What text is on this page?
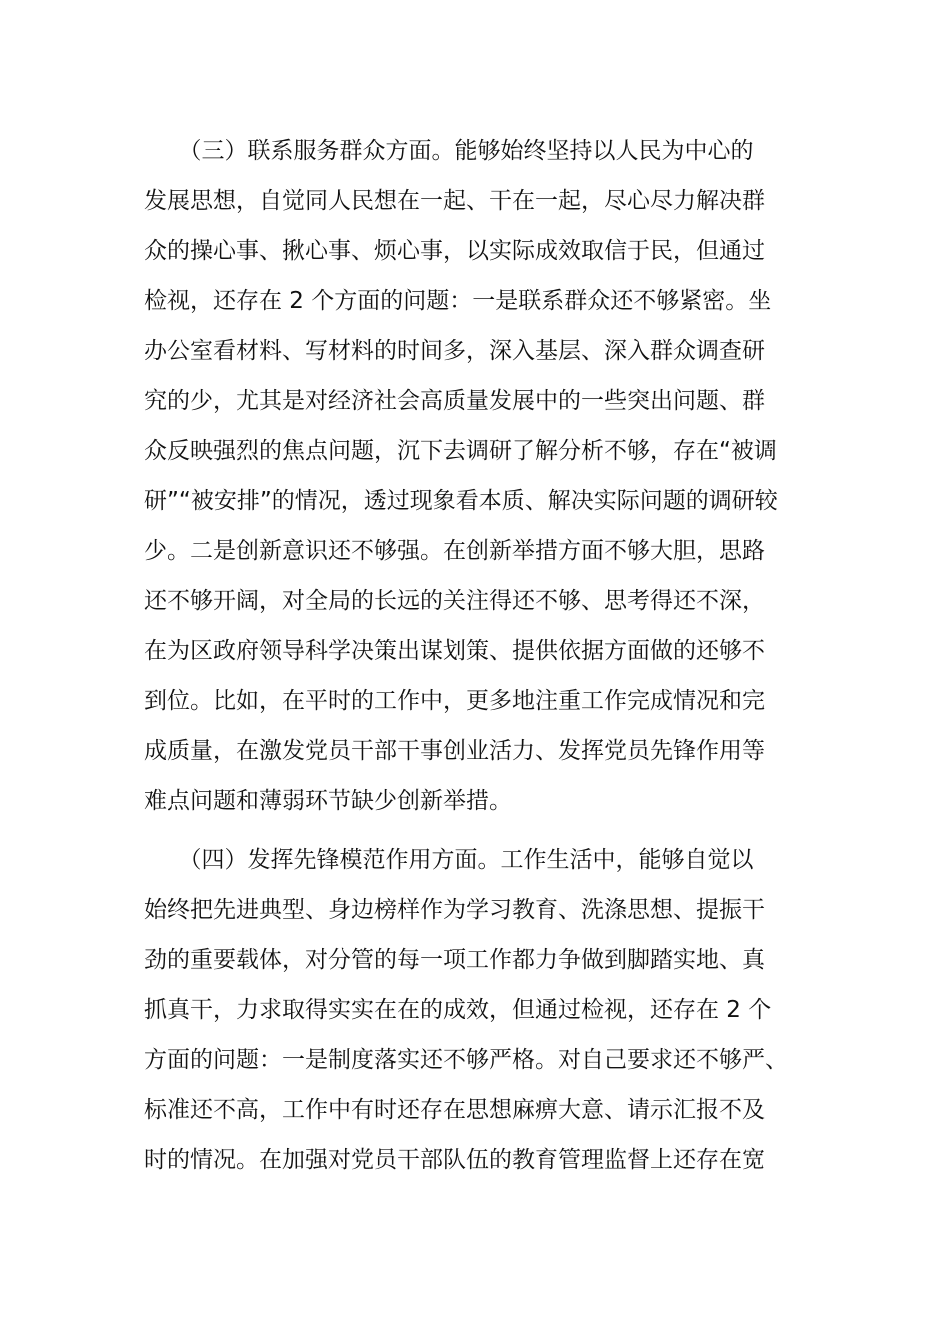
　　（三）联系服务群众方面。能够始终坚持以人民为中心的
发展思想，自觉同人民想在一起、干在一起，尽心尽力解决群
众的操心事、揪心事、烦心事，以实际成效取信于民，但通过
检视，还存在 2 个方面的问题：一是联系群众还不够紧密。坐
办公室看材料、写材料的时间多，深入基层、深入群众调查研
究的少，尤其是对经济社会高质量发展中的一些突出问题、群
众反映强烈的焦点问题，沉下去调研了解分析不够，存在“被调
研”“被安排”的情况，透过现象看本质、解决实际问题的调研较
少。二是创新意识还不够强。在创新举措方面不够大胆，思路
还不够开阔，对全局的长远的关注得还不够、思考得还不深，
在为区政府领导科学决策出谋划策、提供依据方面做的还够不
到位。比如，在平时的工作中，更多地注重工作完成情况和完
成质量，在激发党员干部干事创业活力、发挥党员先锋作用等
难点问题和薄弱环节缺少创新举措。
　　（四）发挥先锋模范作用方面。工作生活中，能够自觉以
始终把先进典型、身边榜样作为学习教育、洗涤思想、提振干
劲的重要载体，对分管的每一项工作都力争做到脚踏实地、真
抓真干，力求取得实实在在的成效，但通过检视，还存在 2 个
方面的问题：一是制度落实还不够严格。对自己要求还不够严、
标准还不高，工作中有时还存在思想麻痹大意、请示汇报不及
时的情况。在加强对党员干部队伍的教育管理监督上还存在宽
